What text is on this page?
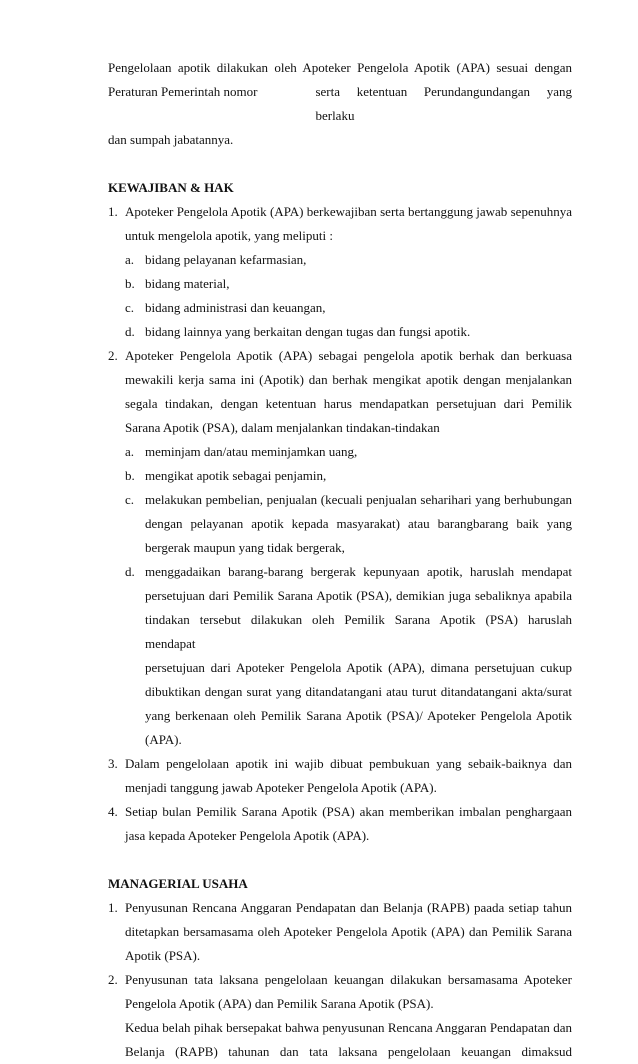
Pengelolaan apotik dilakukan oleh Apoteker Pengelola Apotik (APA) sesuai dengan

Peraturan Pemerintah nomor	serta ketentuan Perundangundangan yang berlaku

dan sumpah jabatannya.

KEWAJIBAN & HAK

1. Apoteker Pengelola Apotik (APA) berkewajiban serta bertanggung jawab sepenuhnya

untuk mengelola apotik, yang meliputi :

a. bidang pelayanan kefarmasian,
b. bidang material,
c. bidang administrasi dan keuangan,
d. bidang lainnya yang berkaitan dengan tugas dan fungsi apotik.
2. Apoteker Pengelola Apotik (APA) sebagai pengelola apotik berhak dan berkuasa

mewakili kerja sama ini (Apotik) dan berhak mengikat apotik dengan menjalankan

segala tindakan, dengan ketentuan harus mendapatkan persetujuan dari Pemilik

Sarana Apotik (PSA), dalam menjalankan tindakan-tindakan

a. meminjam dan/atau meminjamkan uang,
b. mengikat apotik sebagai penjamin,
c. melakukan pembelian, penjualan (kecuali penjualan seharihari yang berhubungan

dengan pelayanan apotik kepada masyarakat) atau barangbarang baik yang

bergerak maupun yang tidak bergerak,

d. menggadaikan barang-barang bergerak kepunyaan apotik, haruslah mendapat

persetujuan dari Pemilik Sarana Apotik (PSA), demikian juga sebaliknya apabila

tindakan tersebut dilakukan oleh Pemilik Sarana Apotik (PSA) haruslah mendapat

persetujuan dari Apoteker Pengelola Apotik (APA), dimana persetujuan cukup

dibuktikan dengan surat yang ditandatangani atau turut ditandatangani akta/surat

yang berkenaan oleh Pemilik Sarana Apotik (PSA)/ Apoteker Pengelola Apotik

(APA).

3. Dalam pengelolaan apotik ini wajib dibuat pembukuan yang sebaik-baiknya dan

menjadi tanggung jawab Apoteker Pengelola Apotik (APA).

4. Setiap bulan Pemilik Sarana Apotik (PSA) akan memberikan imbalan penghargaan

jasa kepada Apoteker Pengelola Apotik (APA).

MANAGERIAL USAHA

1. Penyusunan Rencana Anggaran Pendapatan dan Belanja (RAPB) paada setiap tahun

ditetapkan bersamasama oleh Apoteker Pengelola Apotik (APA) dan Pemilik Sarana

Apotik (PSA).

2. Penyusunan tata laksana pengelolaan keuangan dilakukan bersamasama Apoteker

Pengelola Apotik (APA) dan Pemilik Sarana Apotik (PSA).

Kedua belah pihak bersepakat bahwa penyusunan Rencana Anggaran Pendapatan dan

Belanja (RAPB) tahunan dan tata laksana pengelolaan keuangan dimaksud
